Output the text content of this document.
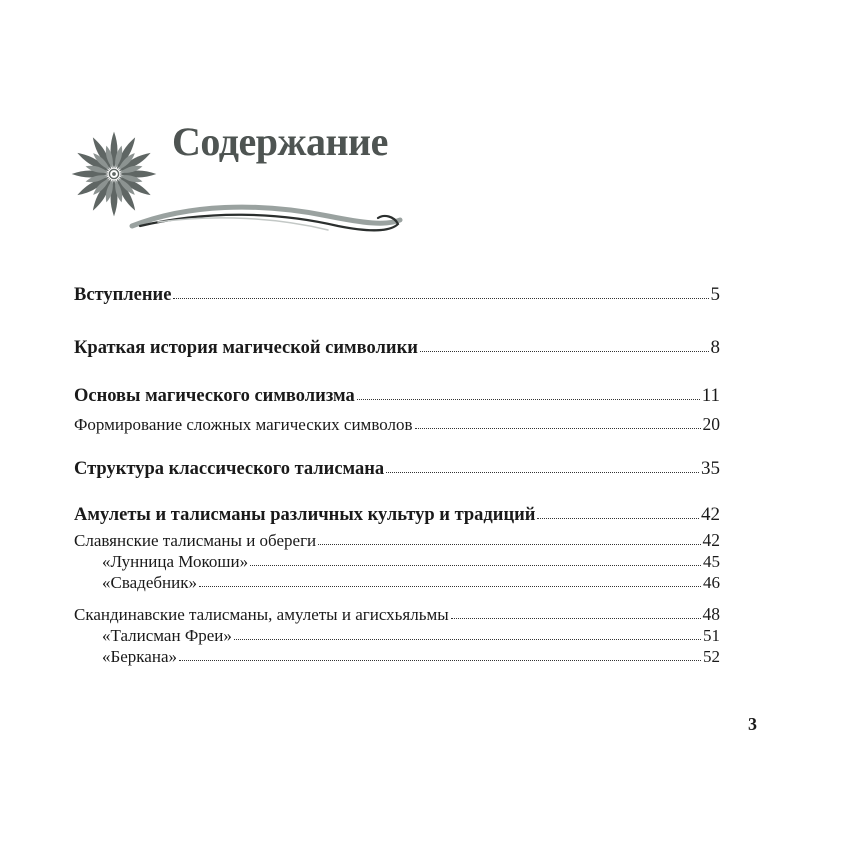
Содержание
Вступление	5
Краткая история магической символики	8
Основы магического символизма	11
Формирование сложных магических символов	20
Структура классического талисмана	35
Амулеты и талисманы различных культур и традиций	42
Славянские талисманы и обереги	42
«Лунница Мокоши»	45
«Свадебник»	46
Скандинавские талисманы, амулеты и агисхьяльмы	48
«Талисман Фреи»	51
«Беркана»	52
3
